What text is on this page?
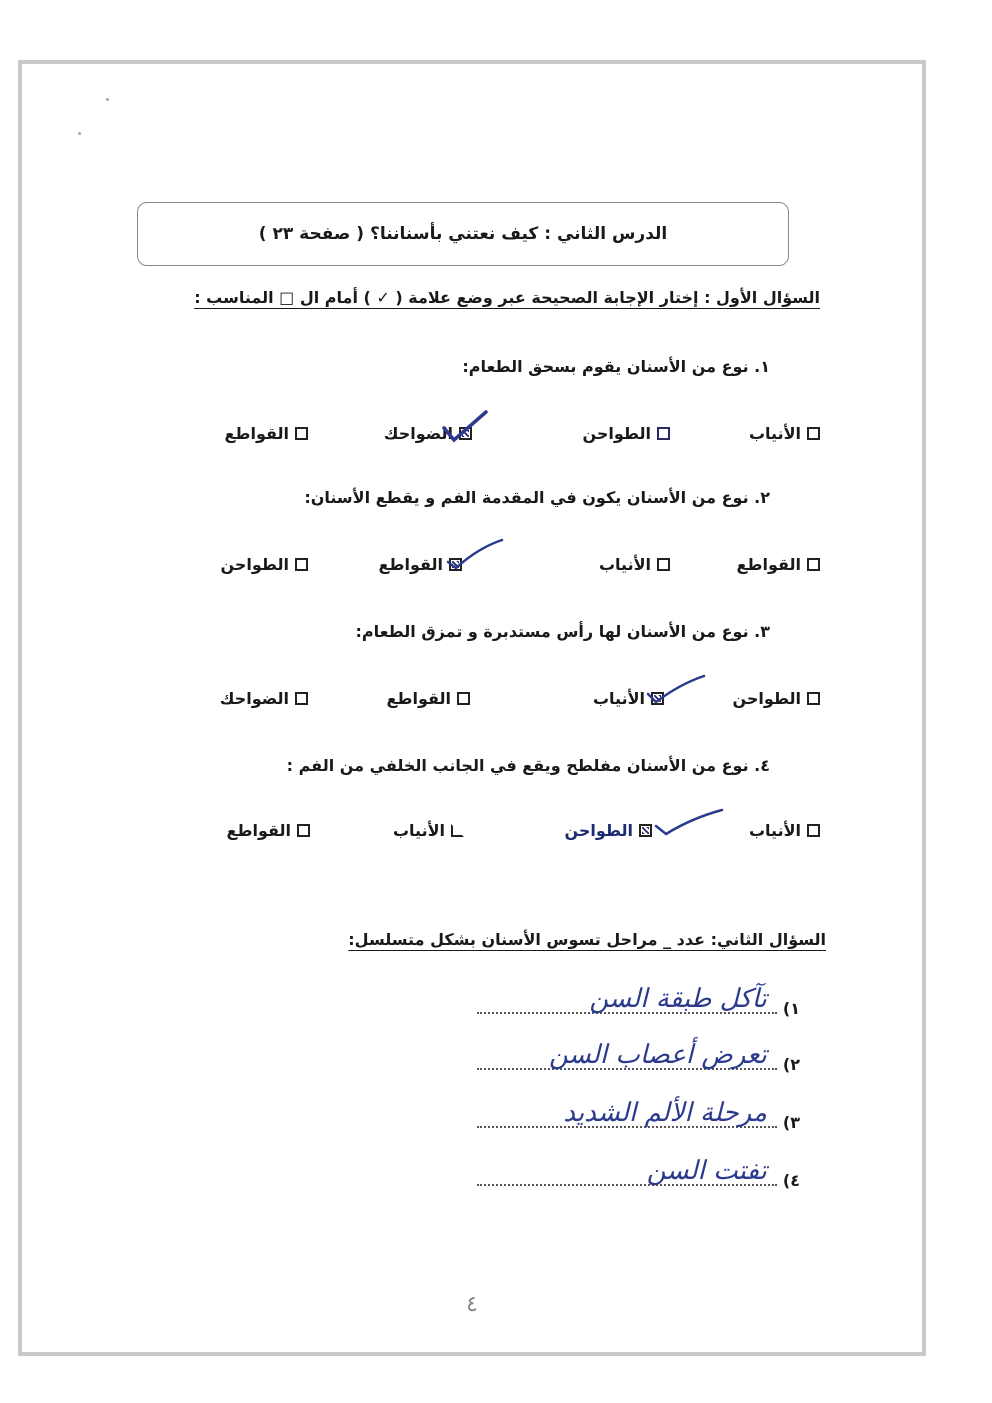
الدرس الثاني : كيف نعتني بأسناننا؟ ( صفحة ٢٣ )
السؤال الأول : إختار الإجابة الصحيحة عبر وضع علامة ( ✓ ) أمام ال □ المناسب :
١. نوع من الأسنان يقوم بسحق الطعام:
الأنياب
الطواحن
الضواحك
القواطع
٢. نوع من الأسنان يكون في المقدمة الفم و يقطع الأسنان:
القواطع
الأنياب
القواطع
الطواحن
٣. نوع من الأسنان لها رأس مستدبرة و تمزق الطعام:
الطواحن
الأنياب
القواطع
الضواحك
٤. نوع من الأسنان مفلطح ويقع في الجانب الخلفي من الفم :
الأنياب
الطواحن
الأنياب
القواطع
السؤال الثاني: عدد _ مراحل تسوس الأسنان بشكل متسلسل:
١)
تآكل طبقة السن
٢)
تعرض أعصاب السن
٣)
مرحلة الألم الشديد
٤)
تفتت السن
٤
